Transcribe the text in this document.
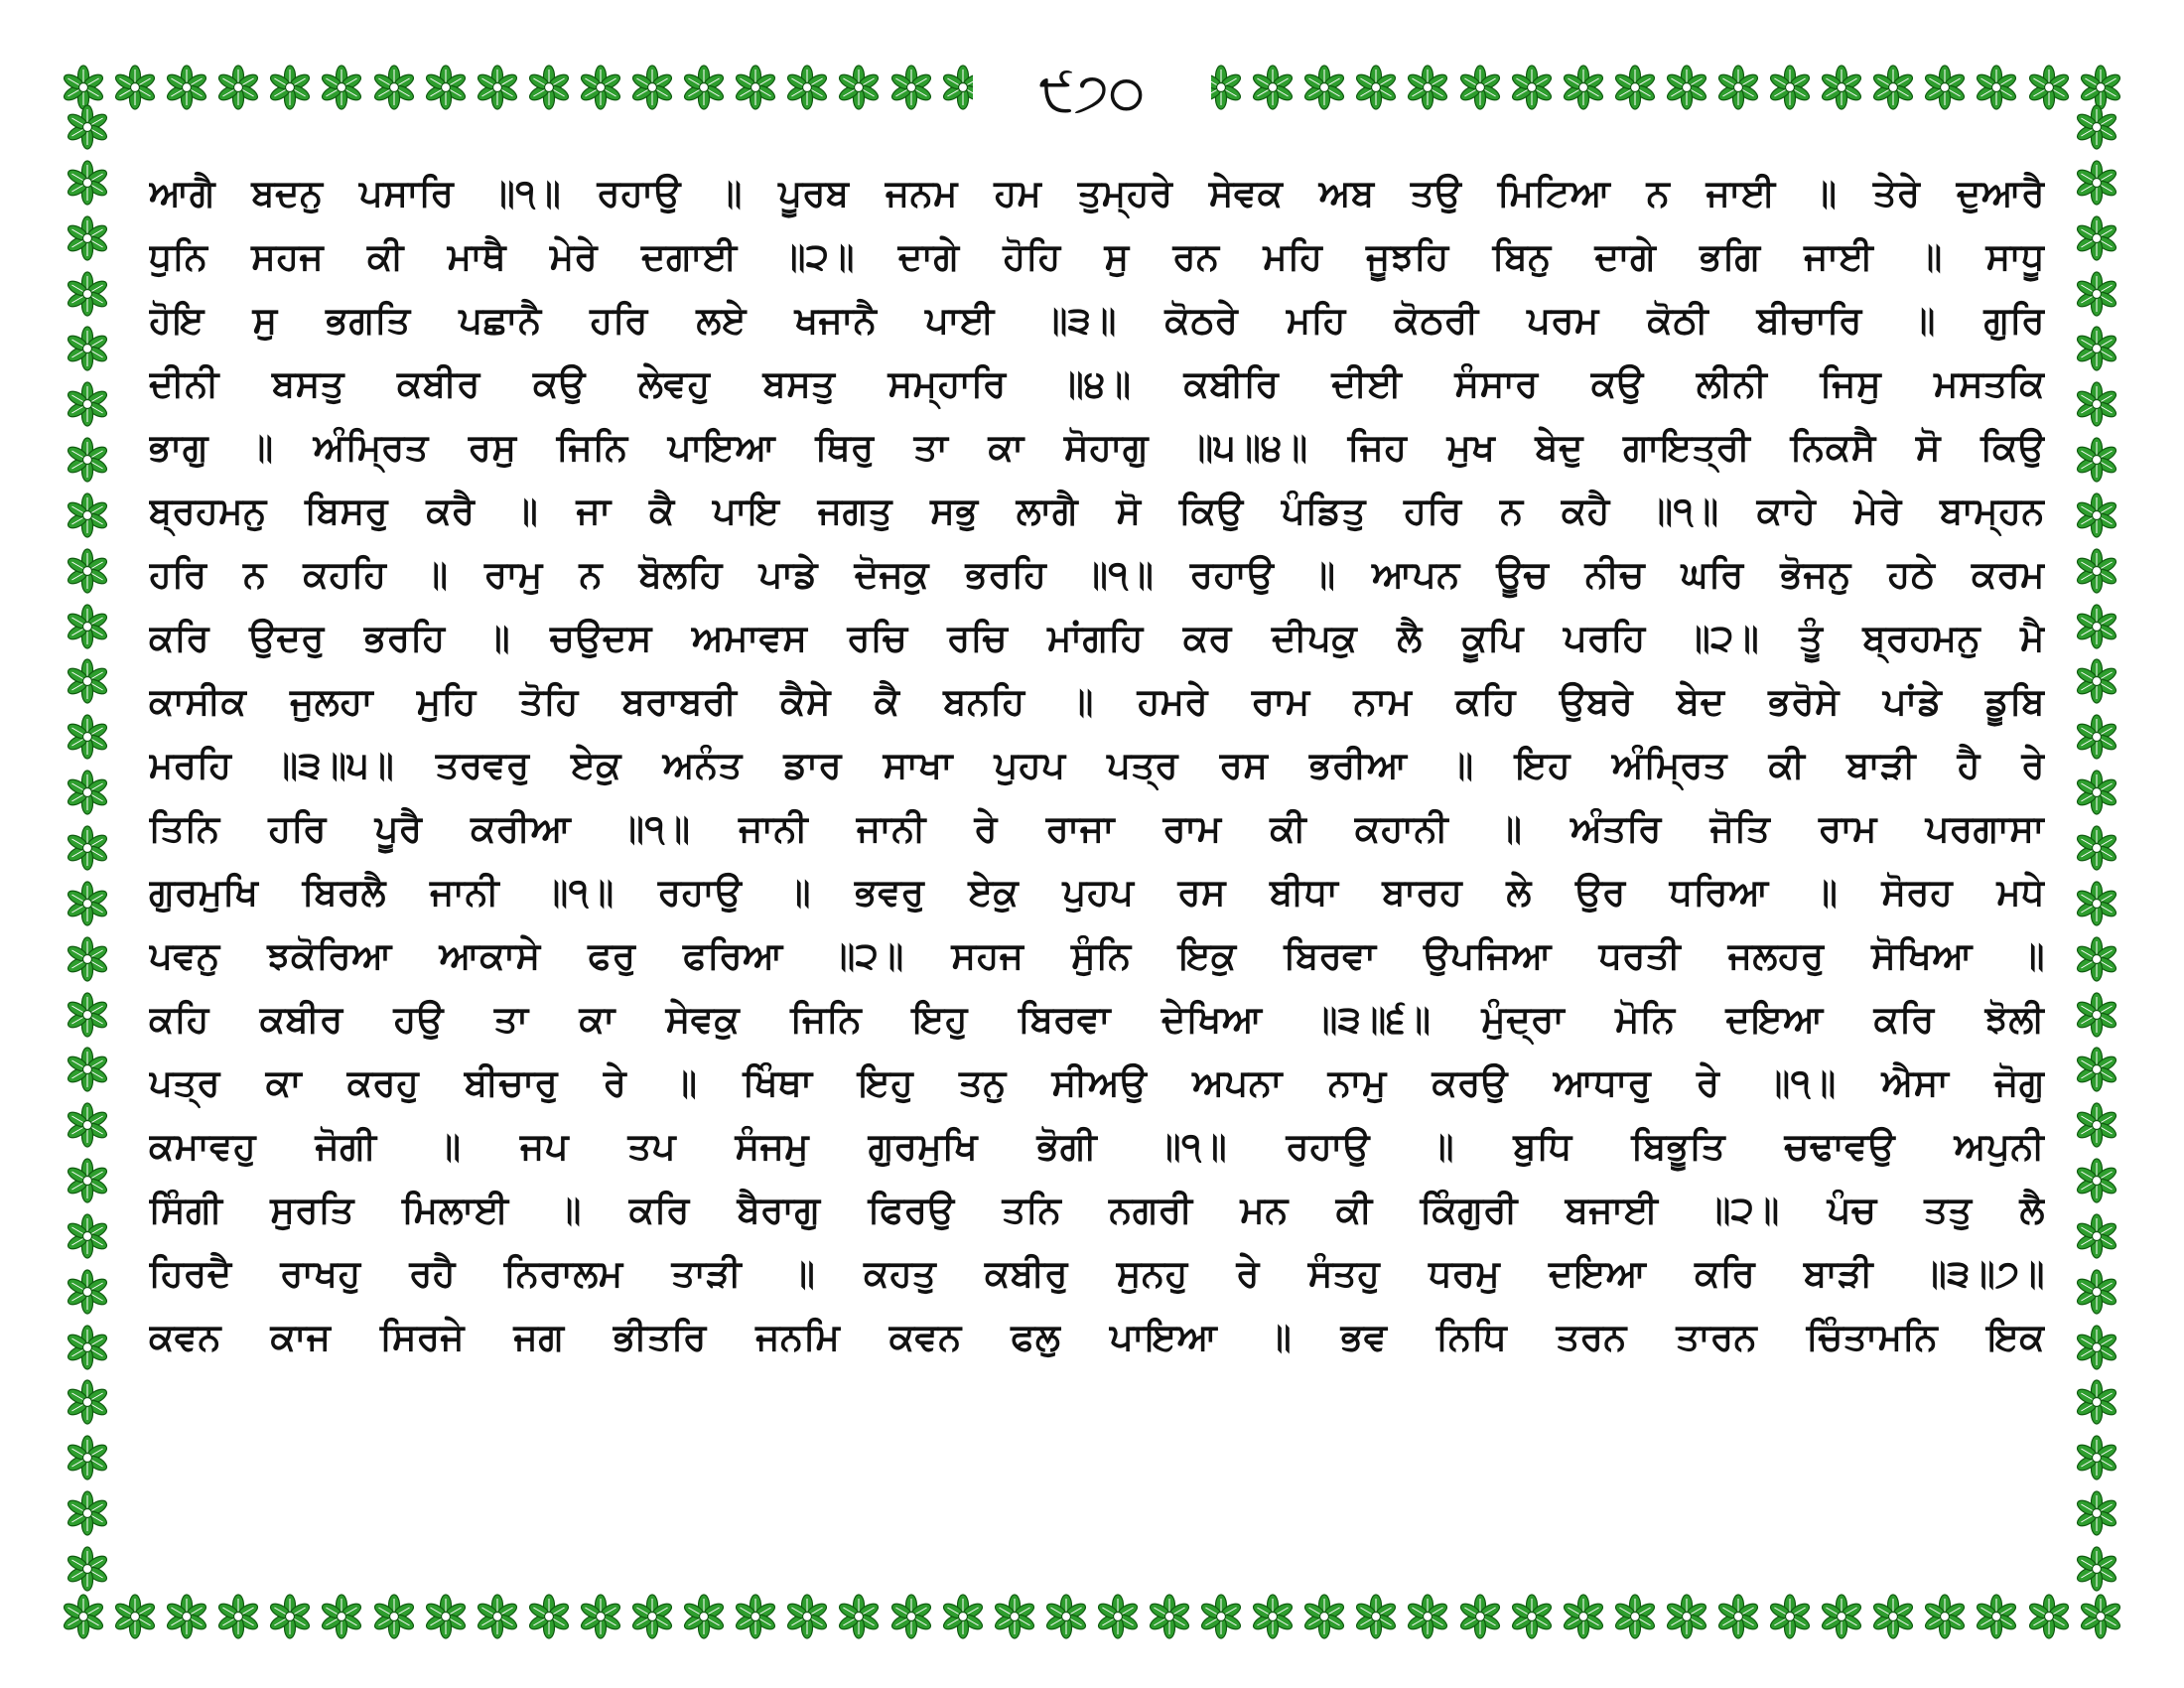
੯੭੦
ਆਗੈ ਬਦਨੁ ਪਸਾਰਿ ॥੧॥ ਰਹਾਉ ॥ ਪੂਰਬ ਜਨਮ ਹਮ ਤੁਮ੍ਹਰੇ ਸੇਵਕ ਅਬ ਤਉ ਮਿਟਿਆ ਨ ਜਾਈ ॥ ਤੇਰੇ ਦੁਆਰੈ
ਧੁਨਿ ਸਹਜ ਕੀ ਮਾਥੈ ਮੇਰੇ ਦਗਾਈ ॥੨॥ ਦਾਗੇ ਹੋਹਿ ਸੁ ਰਨ ਮਹਿ ਜੂਝਹਿ ਬਿਨੁ ਦਾਗੇ ਭਗਿ ਜਾਈ ॥ ਸਾਧੂ
ਹੋਇ ਸੁ ਭਗਤਿ ਪਛਾਨੈ ਹਰਿ ਲਏ ਖਜਾਨੈ ਪਾਈ ॥੩॥ ਕੋਠਰੇ ਮਹਿ ਕੋਠਰੀ ਪਰਮ ਕੋਠੀ ਬੀਚਾਰਿ ॥ ਗੁਰਿ
ਦੀਨੀ ਬਸਤੁ ਕਬੀਰ ਕਉ ਲੇਵਹੁ ਬਸਤੁ ਸਮ੍ਹਾਰਿ ॥੪॥ ਕਬੀਰਿ ਦੀਈ ਸੰਸਾਰ ਕਉ ਲੀਨੀ ਜਿਸੁ ਮਸਤਕਿ
ਭਾਗੁ ॥ ਅੰਮ੍ਰਿਤ ਰਸੁ ਜਿਨਿ ਪਾਇਆ ਥਿਰੁ ਤਾ ਕਾ ਸੋਹਾਗੁ ॥੫॥੪॥ ਜਿਹ ਮੁਖ ਬੇਦੁ ਗਾਇਤ੍ਰੀ ਨਿਕਸੈ ਸੋ ਕਿਉ
ਬ੍ਰਹਮਨੁ ਬਿਸਰੁ ਕਰੈ ॥ ਜਾ ਕੈ ਪਾਇ ਜਗਤੁ ਸਭੁ ਲਾਗੈ ਸੋ ਕਿਉ ਪੰਡਿਤੁ ਹਰਿ ਨ ਕਹੈ ॥੧॥ ਕਾਹੇ ਮੇਰੇ ਬਾਮ੍ਹਨ
ਹਰਿ ਨ ਕਹਹਿ ॥ ਰਾਮੁ ਨ ਬੋਲਹਿ ਪਾਡੇ ਦੋਜਕੁ ਭਰਹਿ ॥੧॥ ਰਹਾਉ ॥ ਆਪਨ ਊਚ ਨੀਚ ਘਰਿ ਭੋਜਨੁ ਹਠੇ ਕਰਮ
ਕਰਿ ਉਦਰੁ ਭਰਹਿ ॥ ਚਉਦਸ ਅਮਾਵਸ ਰਚਿ ਰਚਿ ਮਾਂਗਹਿ ਕਰ ਦੀਪਕੁ ਲੈ ਕੂਪਿ ਪਰਹਿ ॥੨॥ ਤੂੰ ਬ੍ਰਹਮਨੁ ਮੈ
ਕਾਸੀਕ ਜੁਲਹਾ ਮੁਹਿ ਤੋਹਿ ਬਰਾਬਰੀ ਕੈਸੇ ਕੈ ਬਨਹਿ ॥ ਹਮਰੇ ਰਾਮ ਨਾਮ ਕਹਿ ਉਬਰੇ ਬੇਦ ਭਰੋਸੇ ਪਾਂਡੇ ਡੂਬਿ
ਮਰਹਿ ॥੩॥੫॥ ਤਰਵਰੁ ਏਕੁ ਅਨੰਤ ਡਾਰ ਸਾਖਾ ਪੁਹਪ ਪਤ੍ਰ ਰਸ ਭਰੀਆ ॥ ਇਹ ਅੰਮ੍ਰਿਤ ਕੀ ਬਾੜੀ ਹੈ ਰੇ
ਤਿਨਿ ਹਰਿ ਪੂਰੈ ਕਰੀਆ ॥੧॥ ਜਾਨੀ ਜਾਨੀ ਰੇ ਰਾਜਾ ਰਾਮ ਕੀ ਕਹਾਨੀ ॥ ਅੰਤਰਿ ਜੋਤਿ ਰਾਮ ਪਰਗਾਸਾ
ਗੁਰਮੁਖਿ ਬਿਰਲੈ ਜਾਨੀ ॥੧॥ ਰਹਾਉ ॥ ਭਵਰੁ ਏਕੁ ਪੁਹਪ ਰਸ ਬੀਧਾ ਬਾਰਹ ਲੇ ਉਰ ਧਰਿਆ ॥ ਸੋਰਹ ਮਧੇ
ਪਵਨੁ ਝਕੋਰਿਆ ਆਕਾਸੇ ਫਰੁ ਫਰਿਆ ॥੨॥ ਸਹਜ ਸੁੰਨਿ ਇਕੁ ਬਿਰਵਾ ਉਪਜਿਆ ਧਰਤੀ ਜਲਹਰੁ ਸੋਖਿਆ ॥
ਕਹਿ ਕਬੀਰ ਹਉ ਤਾ ਕਾ ਸੇਵਕੁ ਜਿਨਿ ਇਹੁ ਬਿਰਵਾ ਦੇਖਿਆ ॥੩॥੬॥ ਮੁੰਦ੍ਰਾ ਮੋਨਿ ਦਇਆ ਕਰਿ ਝੋਲੀ
ਪਤ੍ਰ ਕਾ ਕਰਹੁ ਬੀਚਾਰੁ ਰੇ ॥ ਖਿੰਥਾ ਇਹੁ ਤਨੁ ਸੀਅਉ ਅਪਨਾ ਨਾਮੁ ਕਰਉ ਆਧਾਰੁ ਰੇ ॥੧॥ ਐਸਾ ਜੋਗੁ
ਕਮਾਵਹੁ ਜੋਗੀ ॥ ਜਪ ਤਪ ਸੰਜਮੁ ਗੁਰਮੁਖਿ ਭੋਗੀ ॥੧॥ ਰਹਾਉ ॥ ਬੁਧਿ ਬਿਭੂਤਿ ਚਢਾਵਉ ਅਪੁਨੀ
ਸਿੰਗੀ ਸੁਰਤਿ ਮਿਲਾਈ ॥ ਕਰਿ ਬੈਰਾਗੁ ਫਿਰਉ ਤਨਿ ਨਗਰੀ ਮਨ ਕੀ ਕਿੰਗੁਰੀ ਬਜਾਈ ॥੨॥ ਪੰਚ ਤਤੁ ਲੈ
ਹਿਰਦੈ ਰਾਖਹੁ ਰਹੈ ਨਿਰਾਲਮ ਤਾੜੀ ॥ ਕਹਤੁ ਕਬੀਰੁ ਸੁਨਹੁ ਰੇ ਸੰਤਹੁ ਧਰਮੁ ਦਇਆ ਕਰਿ ਬਾੜੀ ॥੩॥੭॥
ਕਵਨ ਕਾਜ ਸਿਰਜੇ ਜਗ ਭੀਤਰਿ ਜਨਮਿ ਕਵਨ ਫਲੁ ਪਾਇਆ ॥ ਭਵ ਨਿਧਿ ਤਰਨ ਤਾਰਨ ਚਿੰਤਾਮਨਿ ਇਕ
